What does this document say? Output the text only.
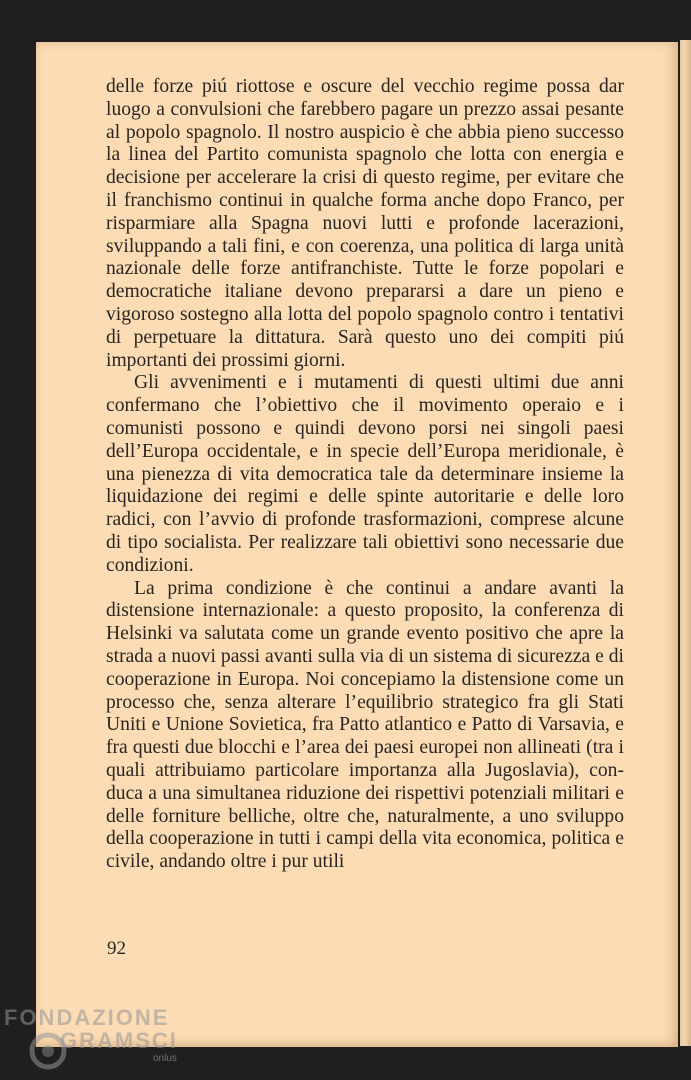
delle forze piú riottose e oscure del vecchio regime possa dar luogo a convulsioni che farebbero pagare un prezzo assai pesante al popolo spagnolo. Il nostro auspicio è che abbia pieno successo la linea del Partito comunista spagnolo che lotta con energia e decisione per accelerare la crisi di questo regime, per evitare che il franchismo continui in qualche forma anche dopo Franco, per risparmiare alla Spagna nuovi lutti e profonde lacerazioni, sviluppando a tali fini, e con coerenza, una politica di larga unità nazionale delle forze antifranchiste. Tutte le forze popolari e democratiche italiane devono prepararsi a dare un pieno e vigoroso sostegno alla lotta del popolo spagnolo contro i tentativi di perpetuare la dittatura. Sarà questo uno dei compiti piú importanti dei prossimi giorni.

Gli avvenimenti e i mutamenti di questi ultimi due anni confermano che l’obiettivo che il movimento operaio e i comunisti possono e quindi devono porsi nei singoli paesi dell’Europa occidentale, e in specie dell’Europa meridionale, è una pienezza di vita democratica tale da determinare insieme la liquidazione dei regimi e delle spinte autoritarie e delle loro radici, con l’avvio di profonde trasformazioni, comprese alcune di tipo socialista. Per realizzare tali obiettivi sono necessarie due condizioni.

La prima condizione è che continui a andare avanti la distensione internazionale: a questo proposito, la conferenza di Helsinki va salutata come un grande evento positivo che apre la strada a nuovi passi avanti sulla via di un sistema di sicurezza e di cooperazione in Europa. Noi concepiamo la distensione come un processo che, senza alterare l’equilibrio strategico fra gli Stati Uniti e Unione Sovietica, fra Patto atlantico e Patto di Varsavia, e fra questi due blocchi e l’area dei paesi europei non allineati (tra i quali attribuiamo particolare importanza alla Jugoslavia), conduca a una simultanea riduzione dei rispettivi potenziali militari e delle forniture belliche, oltre che, naturalmente, a uno sviluppo della cooperazione in tutti i campi della vita economica, politica e civile, andando oltre i pur utili

92
FONDAZIONE
GRAMSCI
onlus
